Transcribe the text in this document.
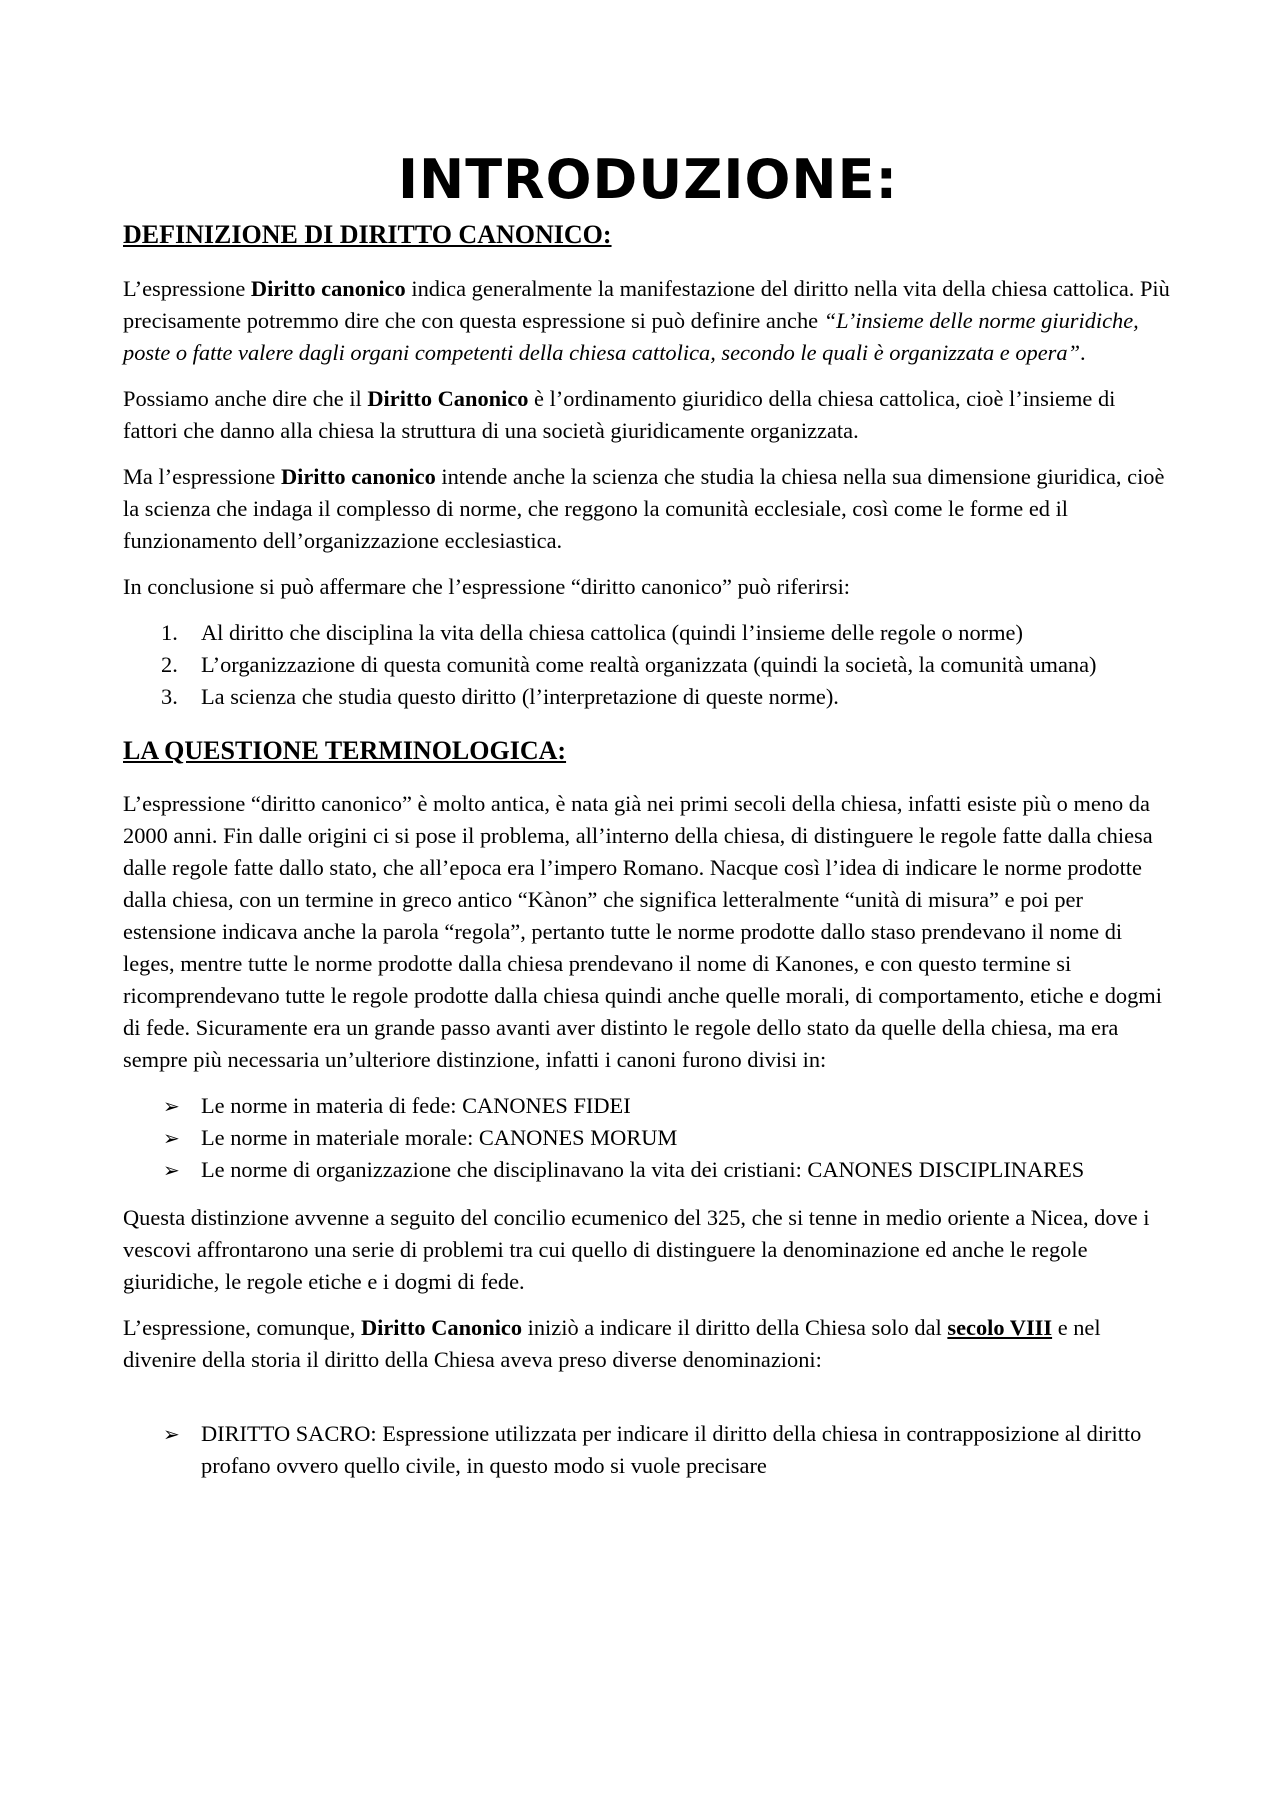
INTRODUZIONE:
DEFINIZIONE DI DIRITTO CANONICO:

L’espressione Diritto canonico indica generalmente la manifestazione del diritto nella vita della chiesa cattolica. Più precisamente potremmo dire che con questa espressione si può definire anche “L’insieme delle norme giuridiche, poste o fatte valere dagli organi competenti della chiesa cattolica, secondo le quali è organizzata e opera”.

Possiamo anche dire che il Diritto Canonico è l’ordinamento giuridico della chiesa cattolica, cioè l’insieme di fattori che danno alla chiesa la struttura di una società giuridicamente organizzata.

Ma l’espressione Diritto canonico intende anche la scienza che studia la chiesa nella sua dimensione giuridica, cioè la scienza che indaga il complesso di norme, che reggono la comunità ecclesiale, così come le forme ed il funzionamento dell’organizzazione ecclesiastica.

In conclusione si può affermare che l’espressione “diritto canonico” può riferirsi:

1. Al diritto che disciplina la vita della chiesa cattolica (quindi l’insieme delle regole o norme)
2. L’organizzazione di questa comunità come realtà organizzata (quindi la società, la comunità umana)
3. La scienza che studia questo diritto (l’interpretazione di queste norme).
LA QUESTIONE TERMINOLOGICA:

L’espressione “diritto canonico” è molto antica, è nata già nei primi secoli della chiesa, infatti esiste più o meno da 2000 anni. Fin dalle origini ci si pose il problema, all’interno della chiesa, di distinguere le regole fatte dalla chiesa dalle regole fatte dallo stato, che all’epoca era l’impero Romano. Nacque così l’idea di indicare le norme prodotte dalla chiesa, con un termine in greco antico “Kànon” che significa letteralmente “unità di misura” e poi per estensione indicava anche la parola “regola”, pertanto tutte le norme prodotte dallo staso prendevano il nome di leges, mentre tutte le norme prodotte dalla chiesa prendevano il nome di Kanones, e con questo termine si ricomprendevano tutte le regole prodotte dalla chiesa quindi anche quelle morali, di comportamento, etiche e dogmi di fede. Sicuramente era un grande passo avanti aver distinto le regole dello stato da quelle della chiesa, ma era sempre più necessaria un’ulteriore distinzione, infatti i canoni furono divisi in:

➢ Le norme in materia di fede: CANONES FIDEI
➢ Le norme in materiale morale: CANONES MORUM
➢ Le norme di organizzazione che disciplinavano la vita dei cristiani: CANONES DISCIPLINARES

Questa distinzione avvenne a seguito del concilio ecumenico del 325, che si tenne in medio oriente a Nicea, dove i vescovi affrontarono una serie di problemi tra cui quello di distinguere la denominazione ed anche le regole giuridiche, le regole etiche e i dogmi di fede.

L’espressione, comunque, Diritto Canonico iniziò a indicare il diritto della Chiesa solo dal secolo VIII e nel divenire della storia il diritto della Chiesa aveva preso diverse denominazioni:

➢ DIRITTO SACRO: Espressione utilizzata per indicare il diritto della chiesa in contrapposizione al diritto profano ovvero quello civile, in questo modo si vuole precisare
